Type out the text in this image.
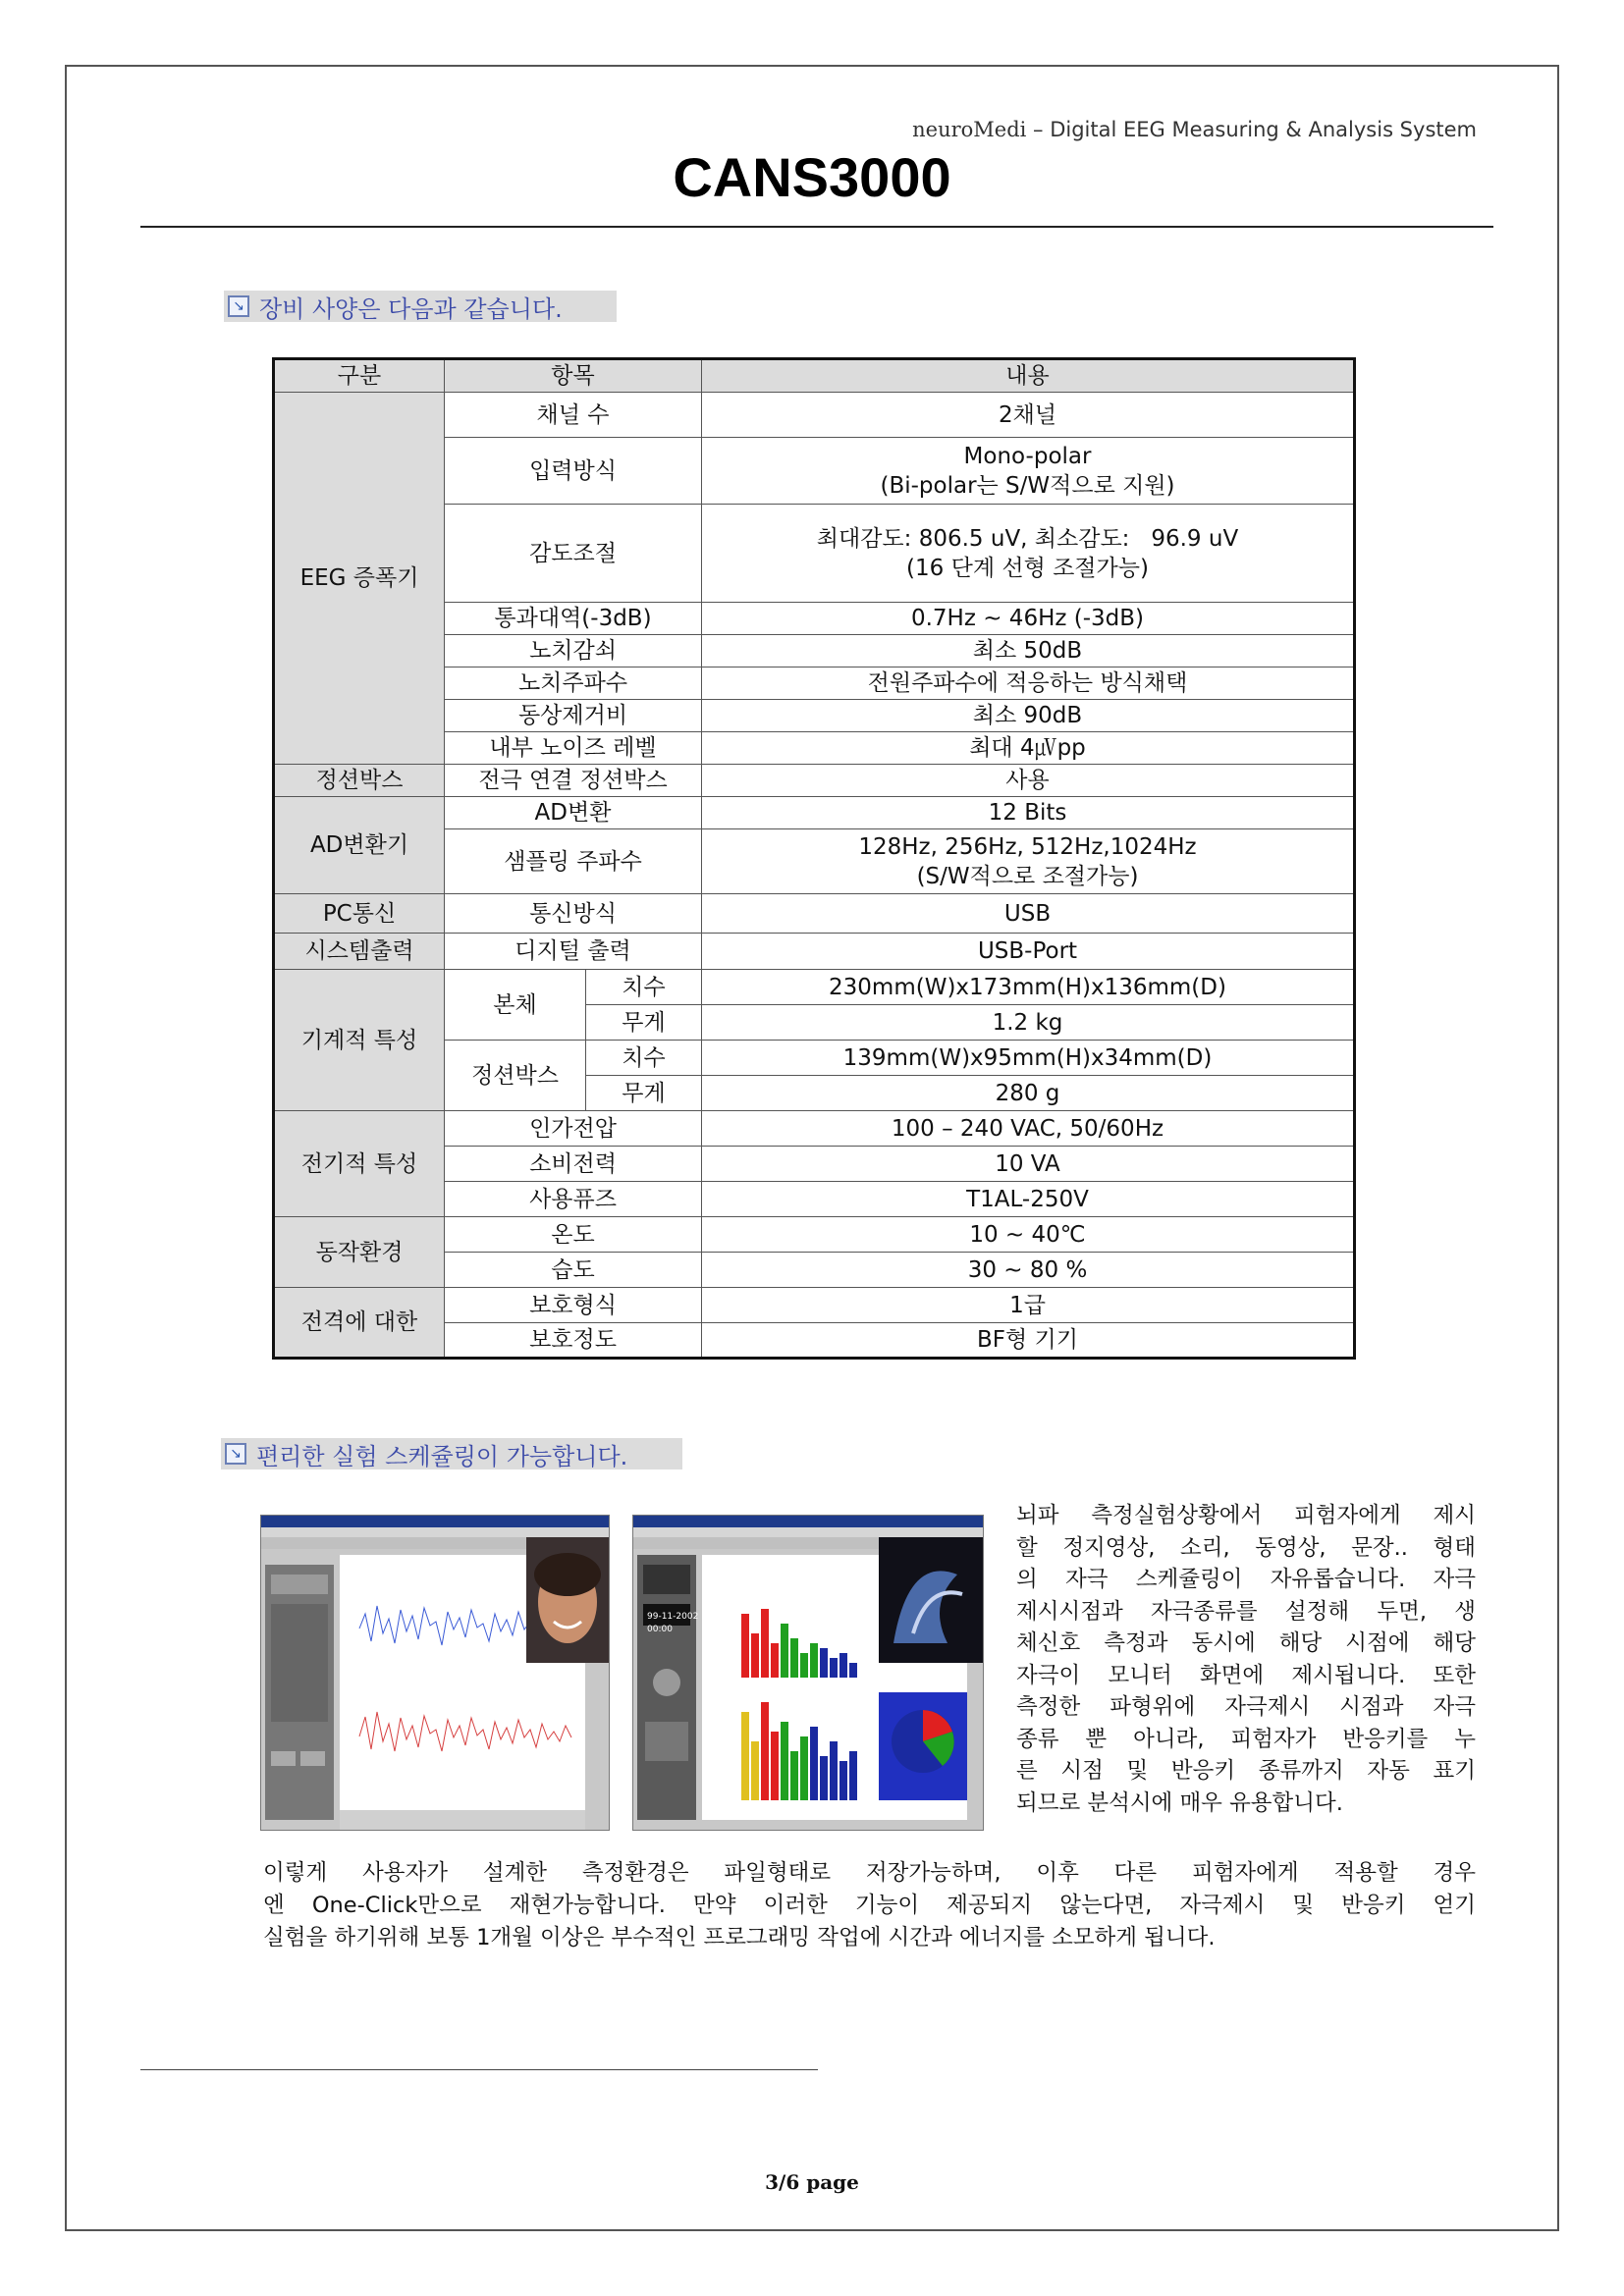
neuroMedi – Digital EEG Measuring & Analysis System
CANS3000
↘ 장비 사양은 다음과 같습니다.
구분	항목		내용
EEG 증폭기	채널 수		2채널
	입력방식		Mono-polar
(Bi-polar는 S/W적으로 지원)

	감도조절		최대감도: 806.5 uV, 최소감도:   96.9 uV
(16 단계 선형 조절가능)

	통과대역(-3dB)		0.7Hz ~ 46Hz (-3dB)
	노치감쇠		최소 50dB
	노치주파수		전원주파수에 적응하는 방식채택
	동상제거비		최소 90dB
	내부 노이즈 레벨		최대 4㎶pp
정션박스	전극 연결 정션박스		사용
AD변환기	AD변환		12 Bits
	샘플링 주파수		128Hz, 256Hz, 512Hz,1024Hz
(S/W적으로 조절가능)

PC통신	통신방식		USB
시스템출력	디지털 출력		USB-Port
기계적 특성	본체	치수	230mm(W)x173mm(H)x136mm(D)
		무게	1.2 kg
	정션박스	치수	139mm(W)x95mm(H)x34mm(D)
		무게	280 g
전기적 특성	인가전압		100 – 240 VAC, 50/60Hz
	소비전력		10 VA
	사용퓨즈		T1AL-250V
동작환경	온도		10 ~ 40℃
	습도		30 ~ 80 %
전격에 대한	보호형식		1급
	보호정도		BF형 기기
↘ 편리한 실험 스케쥴링이 가능합니다.
99-11-2002
00:00
뇌파 측정실험상황에서 피험자에게 제시
할 정지영상, 소리, 동영상, 문장.. 형태
의 자극 스케쥴링이 자유롭습니다. 자극
제시시점과 자극종류를 설정해 두면, 생
체신호 측정과 동시에 해당 시점에 해당
자극이 모니터 화면에 제시됩니다. 또한
측정한 파형위에 자극제시 시점과 자극
종류 뿐 아니라, 피험자가 반응키를 누
른 시점 및 반응키 종류까지 자동 표기
되므로 분석시에 매우 유용합니다.
이렇게 사용자가 설계한 측정환경은 파일형태로 저장가능하며, 이후 다른 피험자에게 적용할 경우
엔 One-Click만으로 재현가능합니다. 만약 이러한 기능이 제공되지 않는다면, 자극제시 및 반응키 얻기
실험을 하기위해 보통 1개월 이상은 부수적인 프로그래밍 작업에 시간과 에너지를 소모하게 됩니다.
3/6 page
